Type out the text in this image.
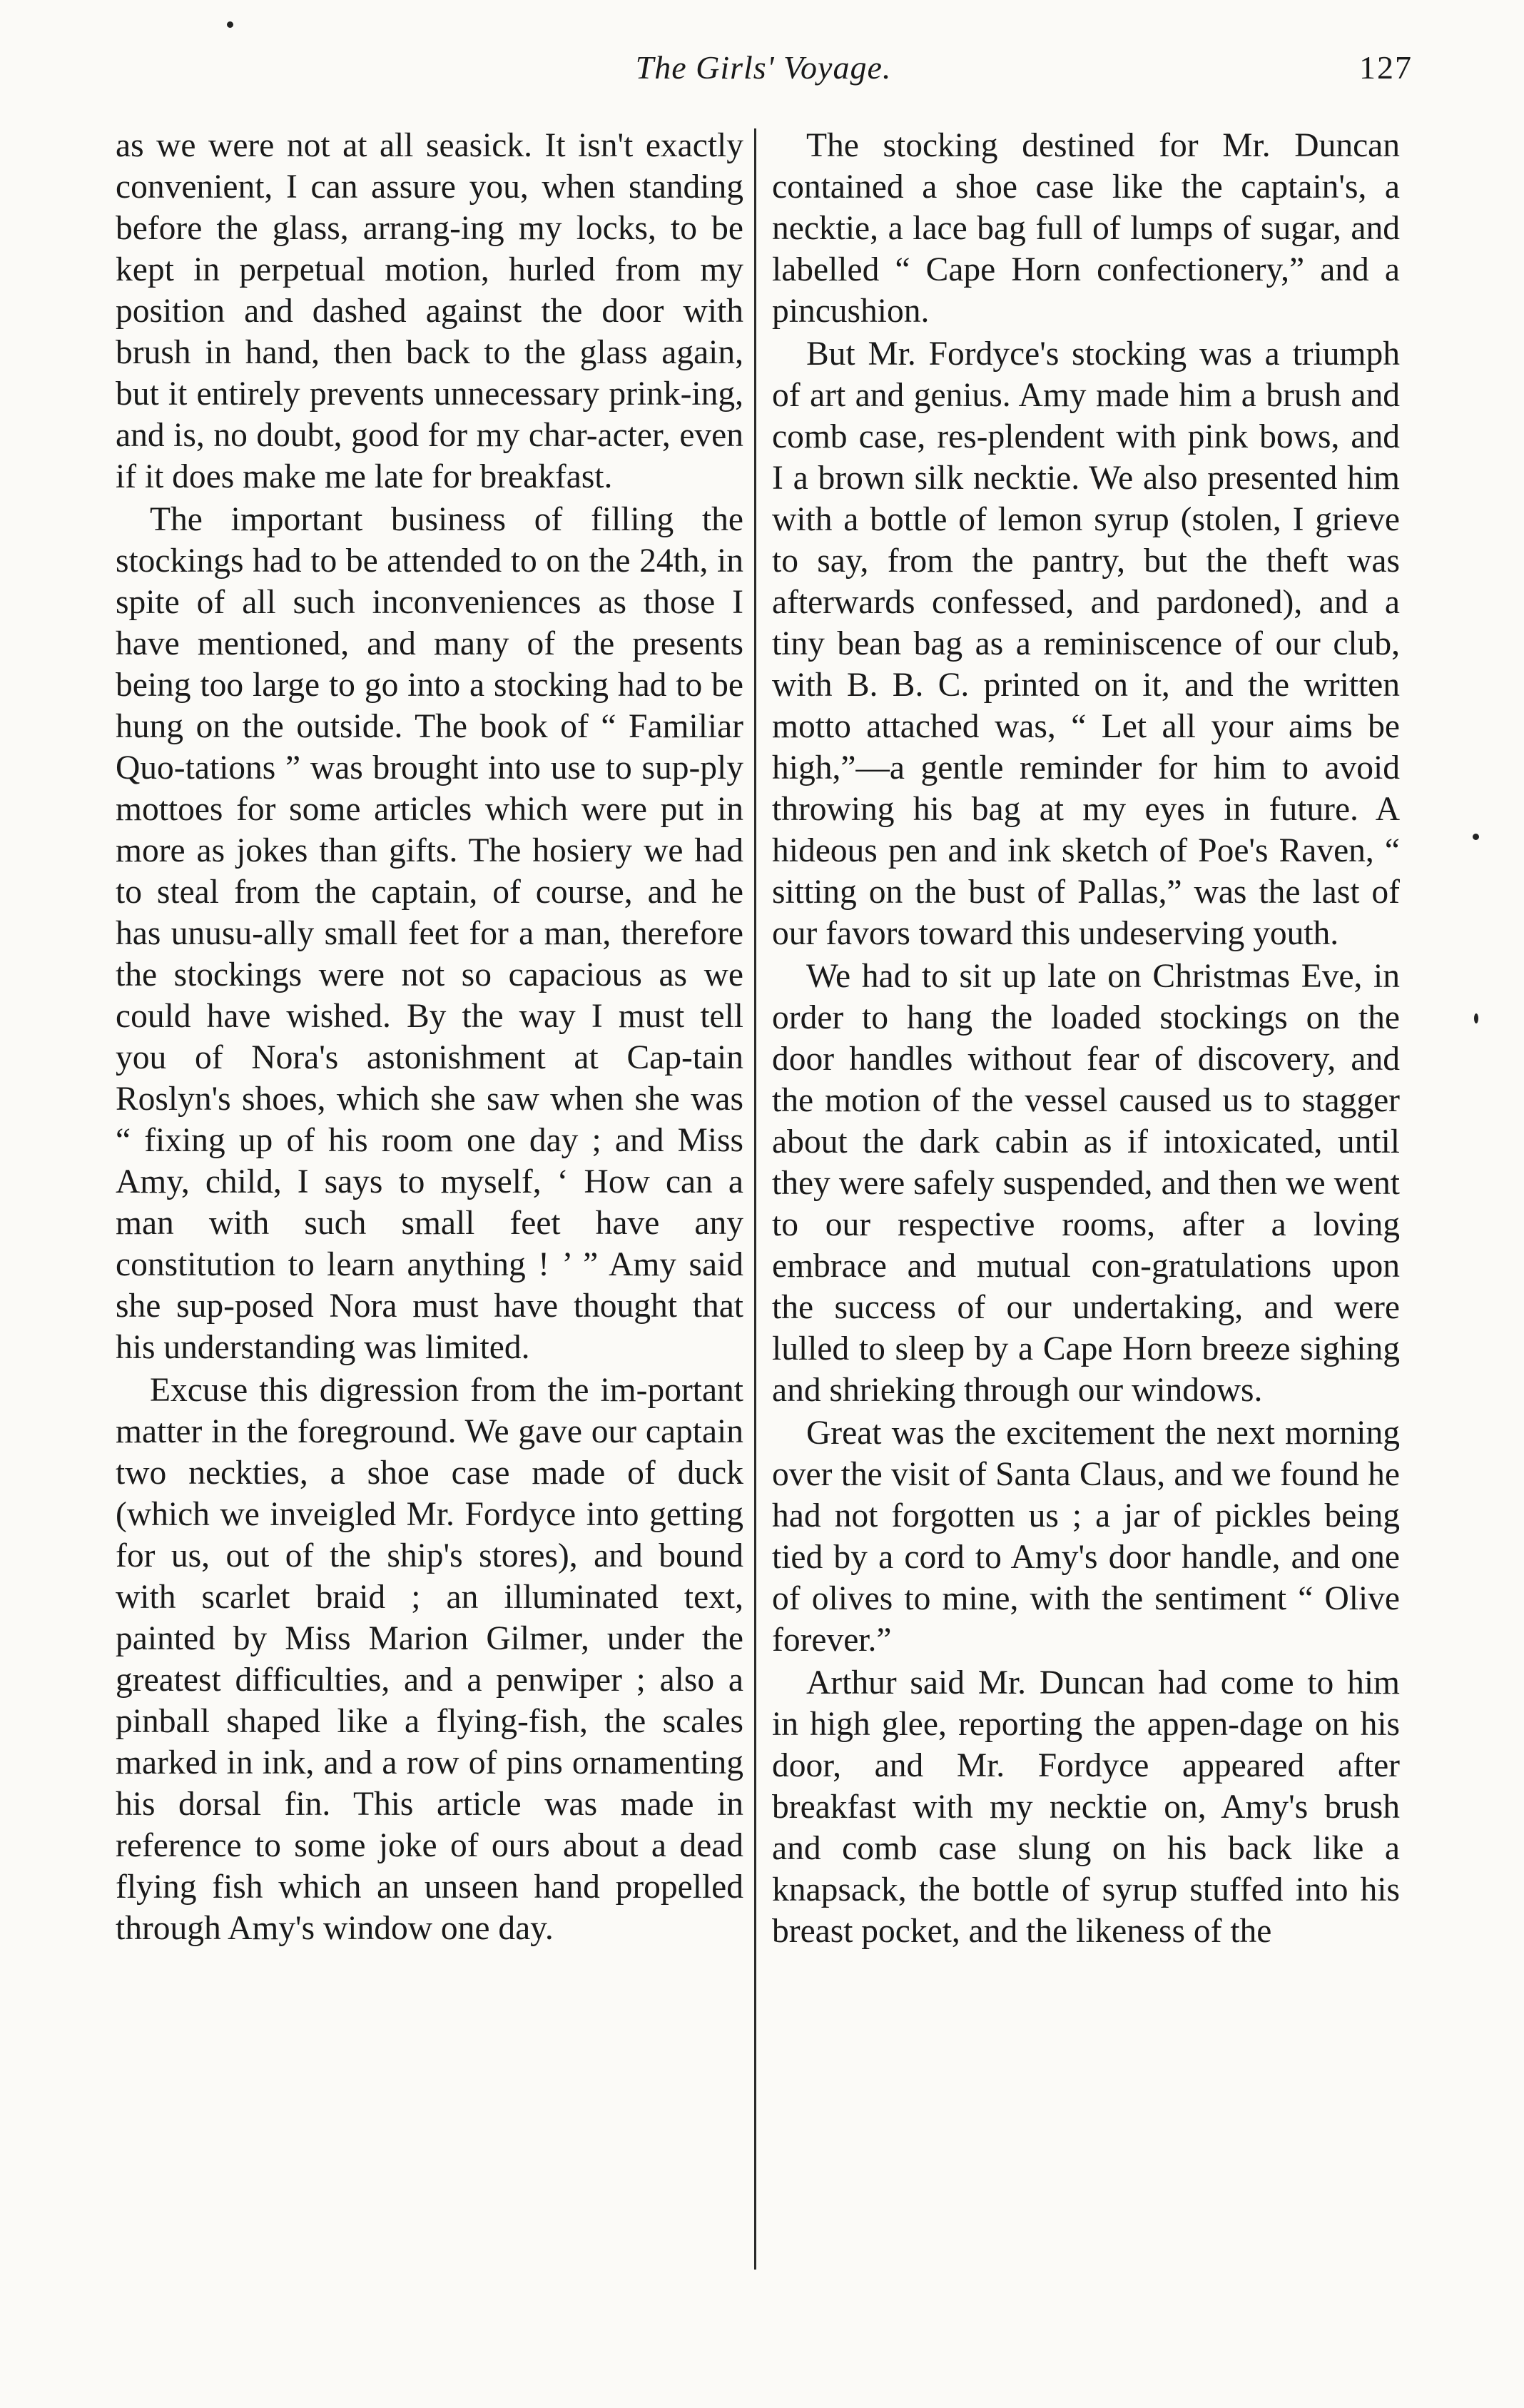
The Girls' Voyage.	127

as we were not at all seasick. It isn't exactly convenient, I can assure you, when standing before the glass, arrang-ing my locks, to be kept in perpetual motion, hurled from my position and dashed against the door with brush in hand, then back to the glass again, but it entirely prevents unnecessary prink-ing, and is, no doubt, good for my char-acter, even if it does make me late for breakfast.

The important business of filling the stockings had to be attended to on the 24th, in spite of all such inconveniences as those I have mentioned, and many of the presents being too large to go into a stocking had to be hung on the outside. The book of “ Familiar Quo-tations ” was brought into use to sup-ply mottoes for some articles which were put in more as jokes than gifts. The hosiery we had to steal from the captain, of course, and he has unusu-ally small feet for a man, therefore the stockings were not so capacious as we could have wished. By the way I must tell you of Nora's astonishment at Cap-tain Roslyn's shoes, which she saw when she was “ fixing up of his room one day ; and Miss Amy, child, I says to myself, ‘ How can a man with such small feet have any constitution to learn anything ! ’ ” Amy said she sup-posed Nora must have thought that his understanding was limited.

Excuse this digression from the im-portant matter in the foreground. We gave our captain two neckties, a shoe case made of duck (which we inveigled Mr. Fordyce into getting for us, out of the ship's stores), and bound with scarlet braid ; an illuminated text, painted by Miss Marion Gilmer, under the greatest difficulties, and a penwiper ; also a pinball shaped like a flying-fish, the scales marked in ink, and a row of pins ornamenting his dorsal fin. This article was made in reference to some joke of ours about a dead flying fish which an unseen hand propelled through Amy's window one day.

The stocking destined for Mr. Duncan contained a shoe case like the captain's, a necktie, a lace bag full of lumps of sugar, and labelled “ Cape Horn confectionery,” and a pincushion.

But Mr. Fordyce's stocking was a triumph of art and genius. Amy made him a brush and comb case, res-plendent with pink bows, and I a brown silk necktie. We also presented him with a bottle of lemon syrup (stolen, I grieve to say, from the pantry, but the theft was afterwards confessed, and pardoned), and a tiny bean bag as a reminiscence of our club, with B. B. C. printed on it, and the written motto attached was, “ Let all your aims be high,”—a gentle reminder for him to avoid throwing his bag at my eyes in future. A hideous pen and ink sketch of Poe's Raven, “ sitting on the bust of Pallas,” was the last of our favors toward this undeserving youth.

We had to sit up late on Christmas Eve, in order to hang the loaded stockings on the door handles without fear of discovery, and the motion of the vessel caused us to stagger about the dark cabin as if intoxicated, until they were safely suspended, and then we went to our respective rooms, after a loving embrace and mutual con-gratulations upon the success of our undertaking, and were lulled to sleep by a Cape Horn breeze sighing and shrieking through our windows.

Great was the excitement the next morning over the visit of Santa Claus, and we found he had not forgotten us ; a jar of pickles being tied by a cord to Amy's door handle, and one of olives to mine, with the sentiment “ Olive forever.”

Arthur said Mr. Duncan had come to him in high glee, reporting the appen-dage on his door, and Mr. Fordyce appeared after breakfast with my necktie on, Amy's brush and comb case slung on his back like a knapsack, the bottle of syrup stuffed into his breast pocket, and the likeness of the
